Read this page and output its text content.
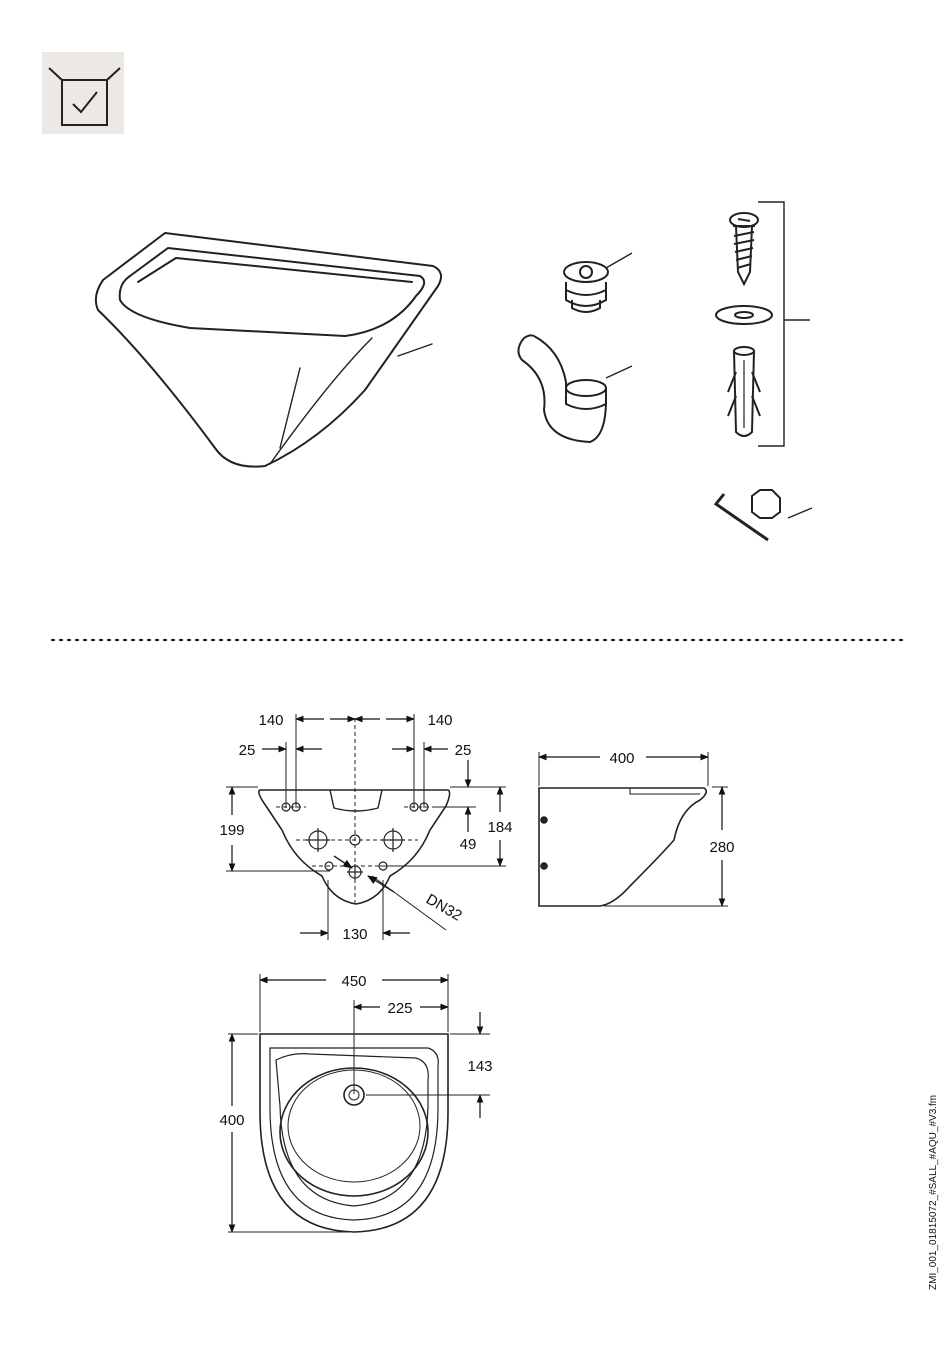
140	140
25	25
199
49
184
130
DN32
400
280
450
225
143
400	ZMI_001_01815072_#SALL_#AQU_#V3.fm
